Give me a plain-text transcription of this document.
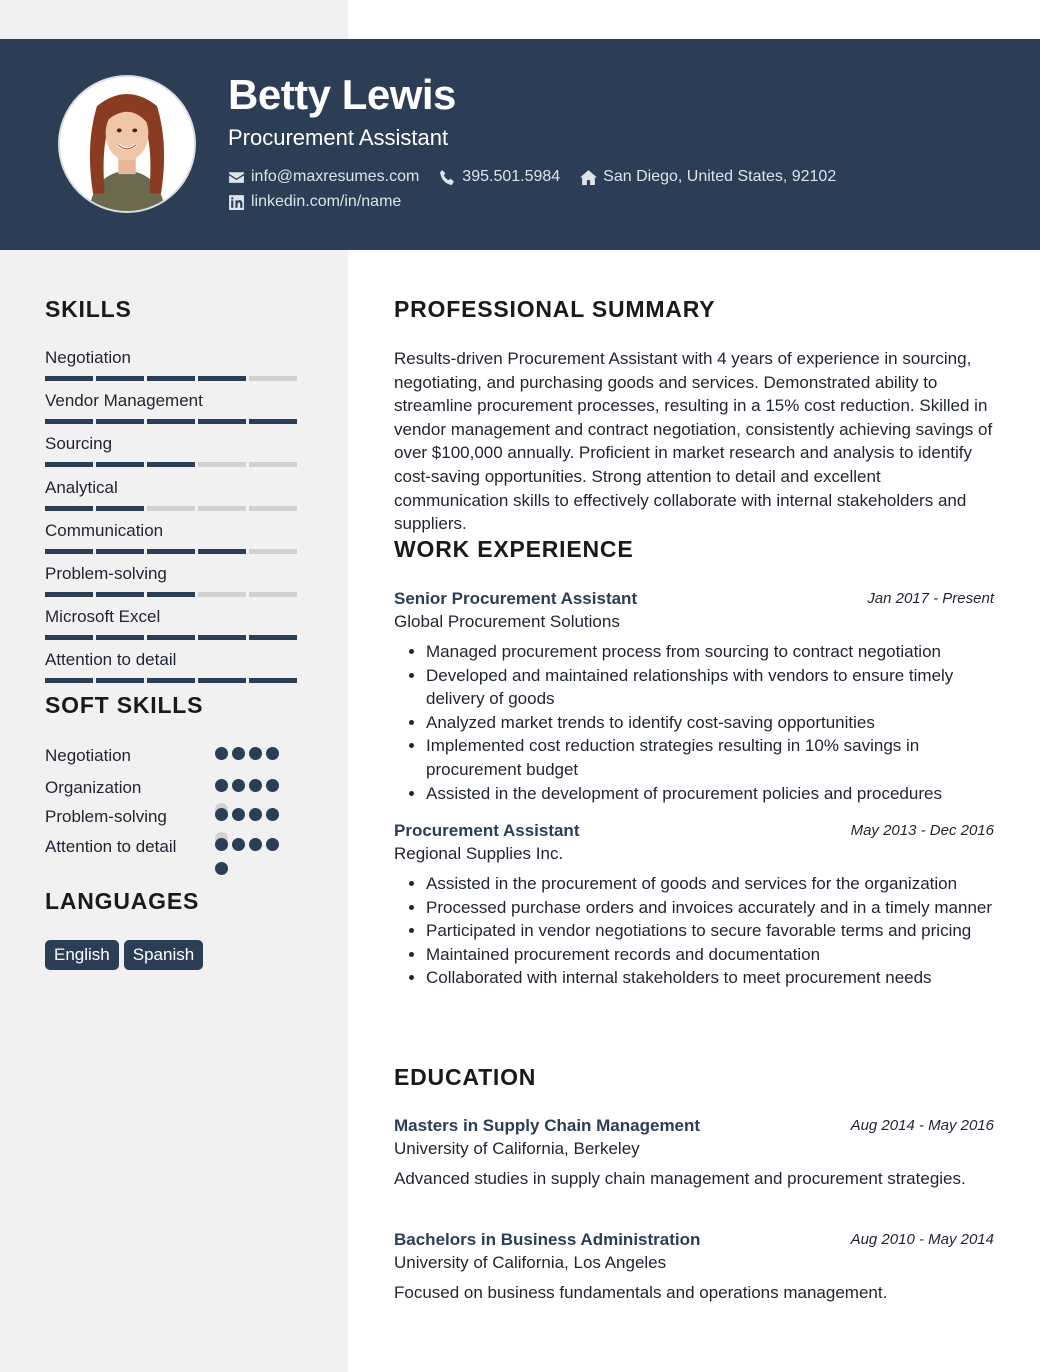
Betty Lewis
Procurement Assistant
info@maxresumes.com	395.501.5984	San Diego, United States, 92102
linkedin.com/in/name
SKILLS
Negotiation
Vendor Management
Sourcing
Analytical
Communication
Problem-solving
Microsoft Excel
Attention to detail
SOFT SKILLS
Negotiation
Organization
Problem-solving
Attention to detail
LANGUAGES
English	Spanish
PROFESSIONAL SUMMARY
Results-driven Procurement Assistant with 4 years of experience in sourcing, negotiating, and purchasing goods and services. Demonstrated ability to streamline procurement processes, resulting in a 15% cost reduction. Skilled in vendor management and contract negotiation, consistently achieving savings of over $100,000 annually. Proficient in market research and analysis to identify cost-saving opportunities. Strong attention to detail and excellent communication skills to effectively collaborate with internal stakeholders and suppliers.
WORK EXPERIENCE
Senior Procurement Assistant	Jan 2017 - Present
Global Procurement Solutions
• Managed procurement process from sourcing to contract negotiation
• Developed and maintained relationships with vendors to ensure timely delivery of goods
• Analyzed market trends to identify cost-saving opportunities
• Implemented cost reduction strategies resulting in 10% savings in procurement budget
• Assisted in the development of procurement policies and procedures
Procurement Assistant	May 2013 - Dec 2016
Regional Supplies Inc.
• Assisted in the procurement of goods and services for the organization
• Processed purchase orders and invoices accurately and in a timely manner
• Participated in vendor negotiations to secure favorable terms and pricing
• Maintained procurement records and documentation
• Collaborated with internal stakeholders to meet procurement needs
EDUCATION
Masters in Supply Chain Management	Aug 2014 - May 2016
University of California, Berkeley
Advanced studies in supply chain management and procurement strategies.
Bachelors in Business Administration	Aug 2010 - May 2014
University of California, Los Angeles
Focused on business fundamentals and operations management.
